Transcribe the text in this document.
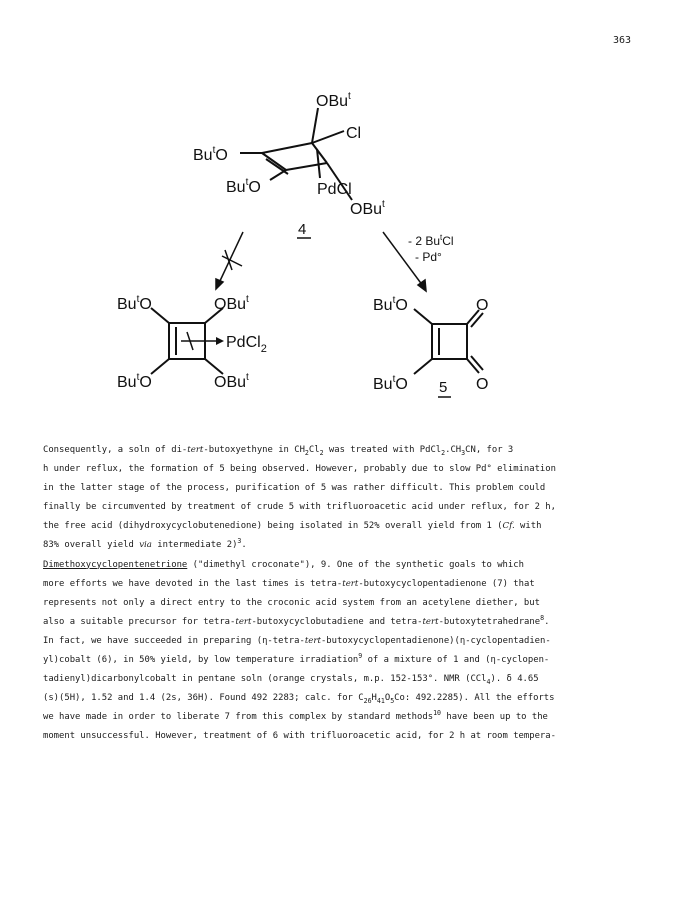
363
OBu$^t$
Cl
Bu$^t$O
Bu$^t$O	PdCl
OBu$^t$
4
- 2 Bu$^t$Cl
- Pd°
Bu$^t$O	OBu$^t$
PdCl$_2$
Bu$^t$O	OBu$^t$
Bu$^t$O	O
Bu$^t$O	O
5
Consequently, a soln of di-tert-butoxyethyne in $CH_2Cl_2$ was treated with $PdCl_2.CH_3CN$, for 3
h under reflux, the formation of 5 being observed. However, probably due to slow Pd° elimination
in the latter stage of the process, purification of 5 was rather difficult. This problem could
finally be circumvented by treatment of crude 5 with trifluoroacetic acid under reflux, for 2 h,
the free acid (dihydroxycyclobutenedione) being isolated in 52% overall yield from 1 (Cf. with
83% overall yield via intermediate 2)$^3$.
Dimethoxycyclopentenetrione ("dimethyl croconate"), 9. One of the synthetic goals to which
more efforts we have devoted in the last times is tetra-tert-butoxycyclopentadienone (7) that
represents not only a direct entry to the croconic acid system from an acetylene diether, but
also a suitable precursor for tetra-tert-butoxycyclobutadiene and tetra-tert-butoxytetrahedrane$^8$.
In fact, we have succeeded in preparing (η-tetra-tert-butoxycyclopentadienone)(η-cyclopentadien-
yl)cobalt (6), in 50% yield, by low temperature irradiation$^9$ of a mixture of 1 and (η-cyclopen-
tadienyl)dicarbonylcobalt in pentane soln (orange crystals, m.p. 152-153°. NMR (CCl$_4$). δ 4.65
(s)(5H), 1.52 and 1.4 (2s, 36H). Found 492 2283; calc. for $C_{26}H_{41}O_5Co$: 492.2285). All the efforts
we have made in order to liberate 7 from this complex by standard methods$^{10}$ have been up to the
moment unsuccessful. However, treatment of 6 with trifluoroacetic acid, for 2 h at room tempera-
